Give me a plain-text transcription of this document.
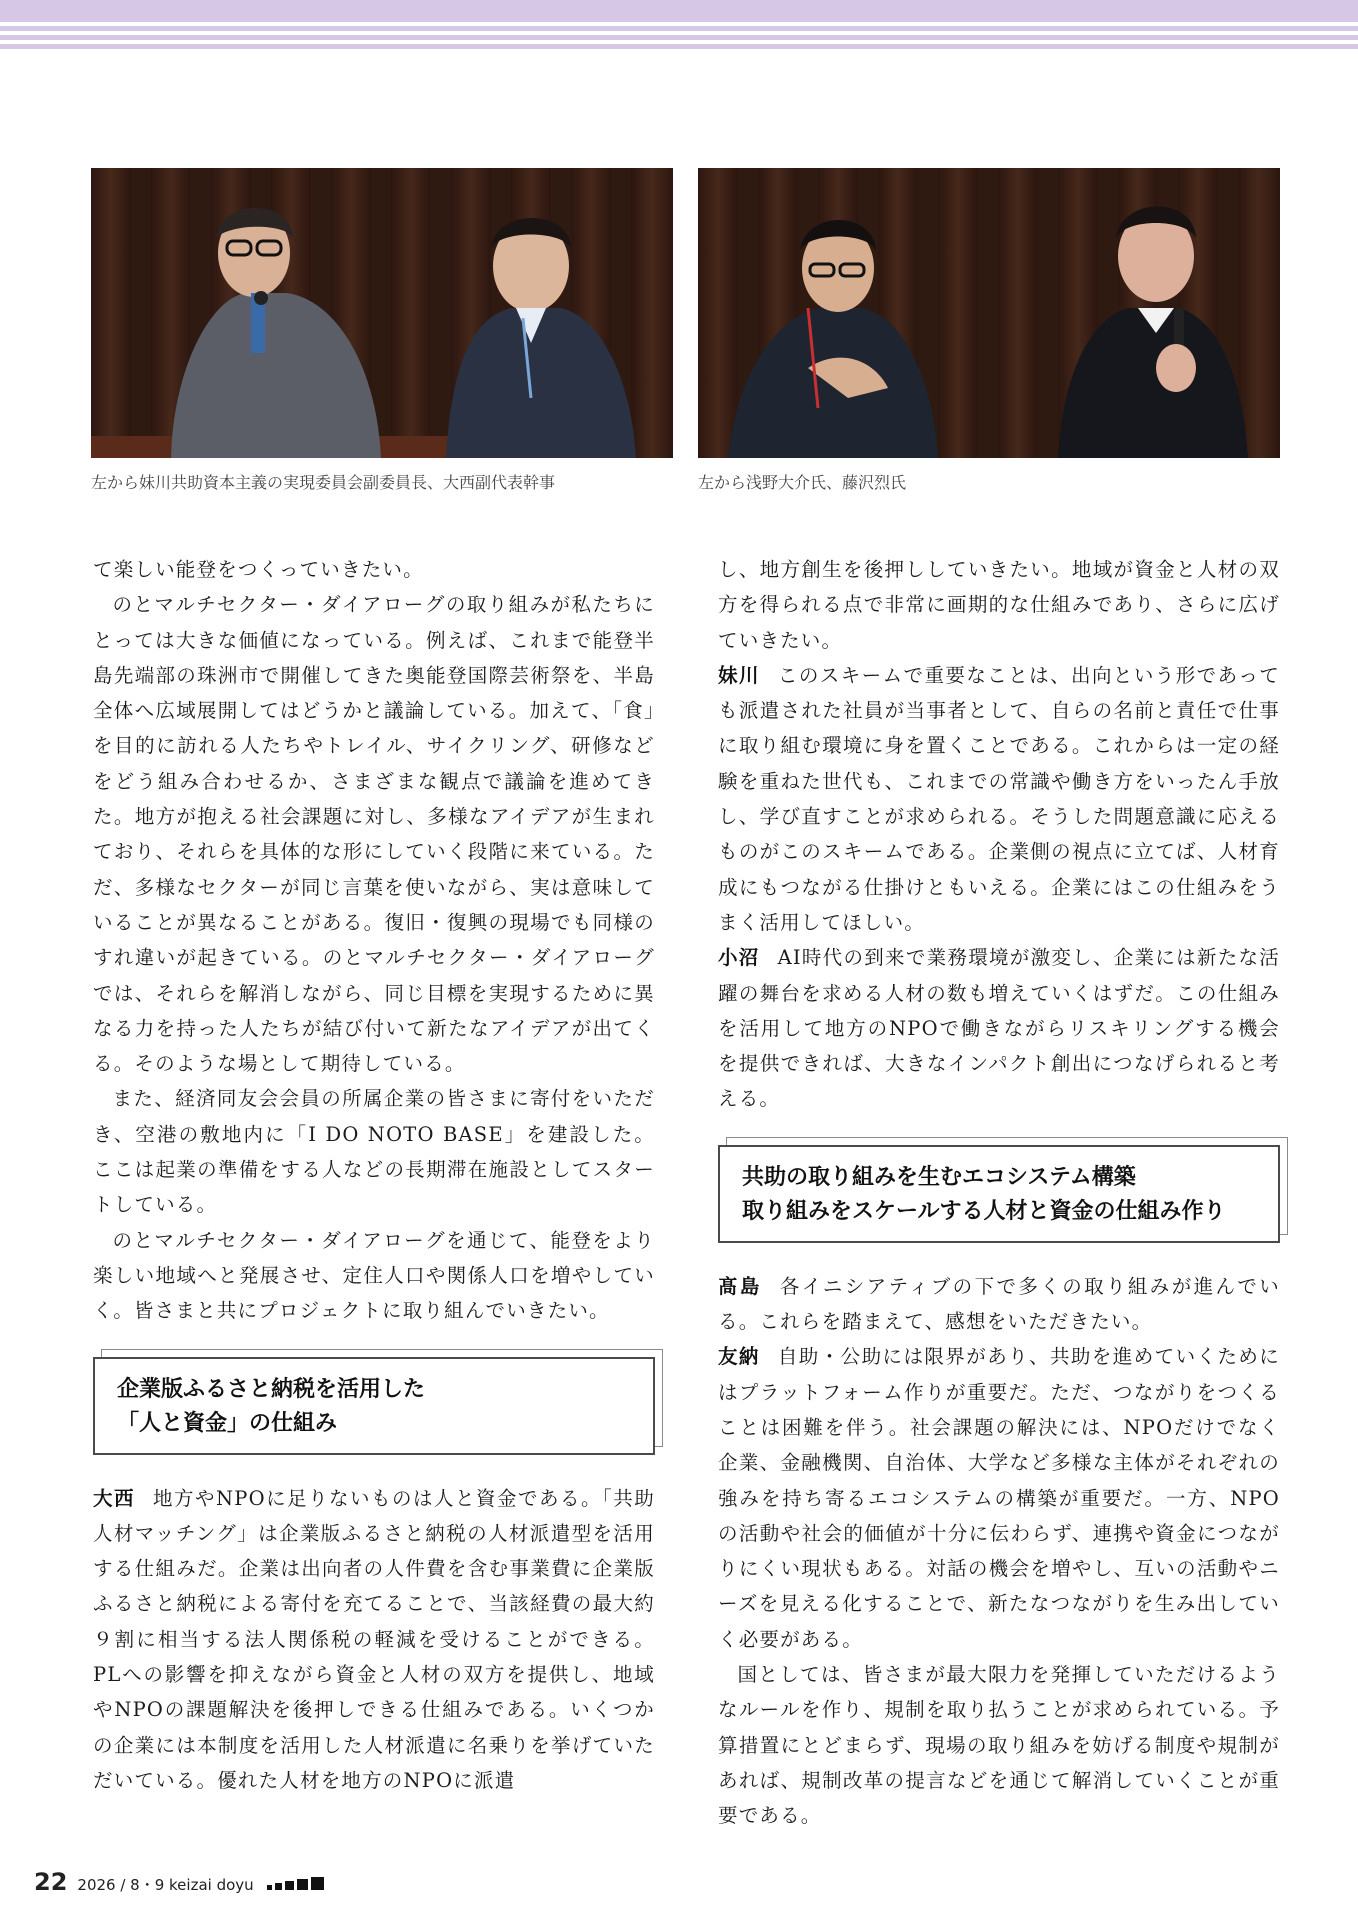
左から妹川共助資本主義の実現委員会副委員長、大西副代表幹事	左から浅野大介氏、藤沢烈氏

て楽しい能登をつくっていきたい。

のとマルチセクター・ダイアローグの取り組みが私たちにとっては大きな価値になっている。例えば、これまで能登半島先端部の珠洲市で開催してきた奥能登国際芸術祭を、半島全体へ広域展開してはどうかと議論している。加えて、「食」を目的に訪れる人たちやトレイル、サイクリング、研修などをどう組み合わせるか、さまざまな観点で議論を進めてきた。地方が抱える社会課題に対し、多様なアイデアが生まれており、それらを具体的な形にしていく段階に来ている。ただ、多様なセクターが同じ言葉を使いながら、実は意味していることが異なることがある。復旧・復興の現場でも同様のすれ違いが起きている。のとマルチセクター・ダイアローグでは、それらを解消しながら、同じ目標を実現するために異なる力を持った人たちが結び付いて新たなアイデアが出てくる。そのような場として期待している。

また、経済同友会会員の所属企業の皆さまに寄付をいただき、空港の敷地内に「I DO NOTO BASE」を建設した。ここは起業の準備をする人などの長期滞在施設としてスタートしている。

のとマルチセクター・ダイアローグを通じて、能登をより楽しい地域へと発展させ、定住人口や関係人口を増やしていく。皆さまと共にプロジェクトに取り組んでいきたい。

企業版ふるさと納税を活用した
「人と資金」の仕組み

大西 地方やNPOに足りないものは人と資金である。「共助人材マッチング」は企業版ふるさと納税の人材派遣型を活用する仕組みだ。企業は出向者の人件費を含む事業費に企業版ふるさと納税による寄付を充てることで、当該経費の最大約９割に相当する法人関係税の軽減を受けることができる。PLへの影響を抑えながら資金と人材の双方を提供し、地域やNPOの課題解決を後押しできる仕組みである。いくつかの企業には本制度を活用した人材派遣に名乗りを挙げていただいている。優れた人材を地方のNPOに派遣

し、地方創生を後押ししていきたい。地域が資金と人材の双方を得られる点で非常に画期的な仕組みであり、さらに広げていきたい。

妹川 このスキームで重要なことは、出向という形であっても派遣された社員が当事者として、自らの名前と責任で仕事に取り組む環境に身を置くことである。これからは一定の経験を重ねた世代も、これまでの常識や働き方をいったん手放し、学び直すことが求められる。そうした問題意識に応えるものがこのスキームである。企業側の視点に立てば、人材育成にもつながる仕掛けともいえる。企業にはこの仕組みをうまく活用してほしい。

小沼 AI時代の到来で業務環境が激変し、企業には新たな活躍の舞台を求める人材の数も増えていくはずだ。この仕組みを活用して地方のNPOで働きながらリスキリングする機会を提供できれば、大きなインパクト創出につなげられると考える。

共助の取り組みを生むエコシステム構築
取り組みをスケールする人材と資金の仕組み作り

髙島 各イニシアティブの下で多くの取り組みが進んでいる。これらを踏まえて、感想をいただきたい。

友納 自助・公助には限界があり、共助を進めていくためにはプラットフォーム作りが重要だ。ただ、つながりをつくることは困難を伴う。社会課題の解決には、NPOだけでなく企業、金融機関、自治体、大学など多様な主体がそれぞれの強みを持ち寄るエコシステムの構築が重要だ。一方、NPOの活動や社会的価値が十分に伝わらず、連携や資金につながりにくい現状もある。対話の機会を増やし、互いの活動やニーズを見える化することで、新たなつながりを生み出していく必要がある。

国としては、皆さまが最大限力を発揮していただけるようなルールを作り、規制を取り払うことが求められている。予算措置にとどまらず、現場の取り組みを妨げる制度や規制があれば、規制改革の提言などを通じて解消していくことが重要である。

22 2026 / 8・9 keizai doyu
